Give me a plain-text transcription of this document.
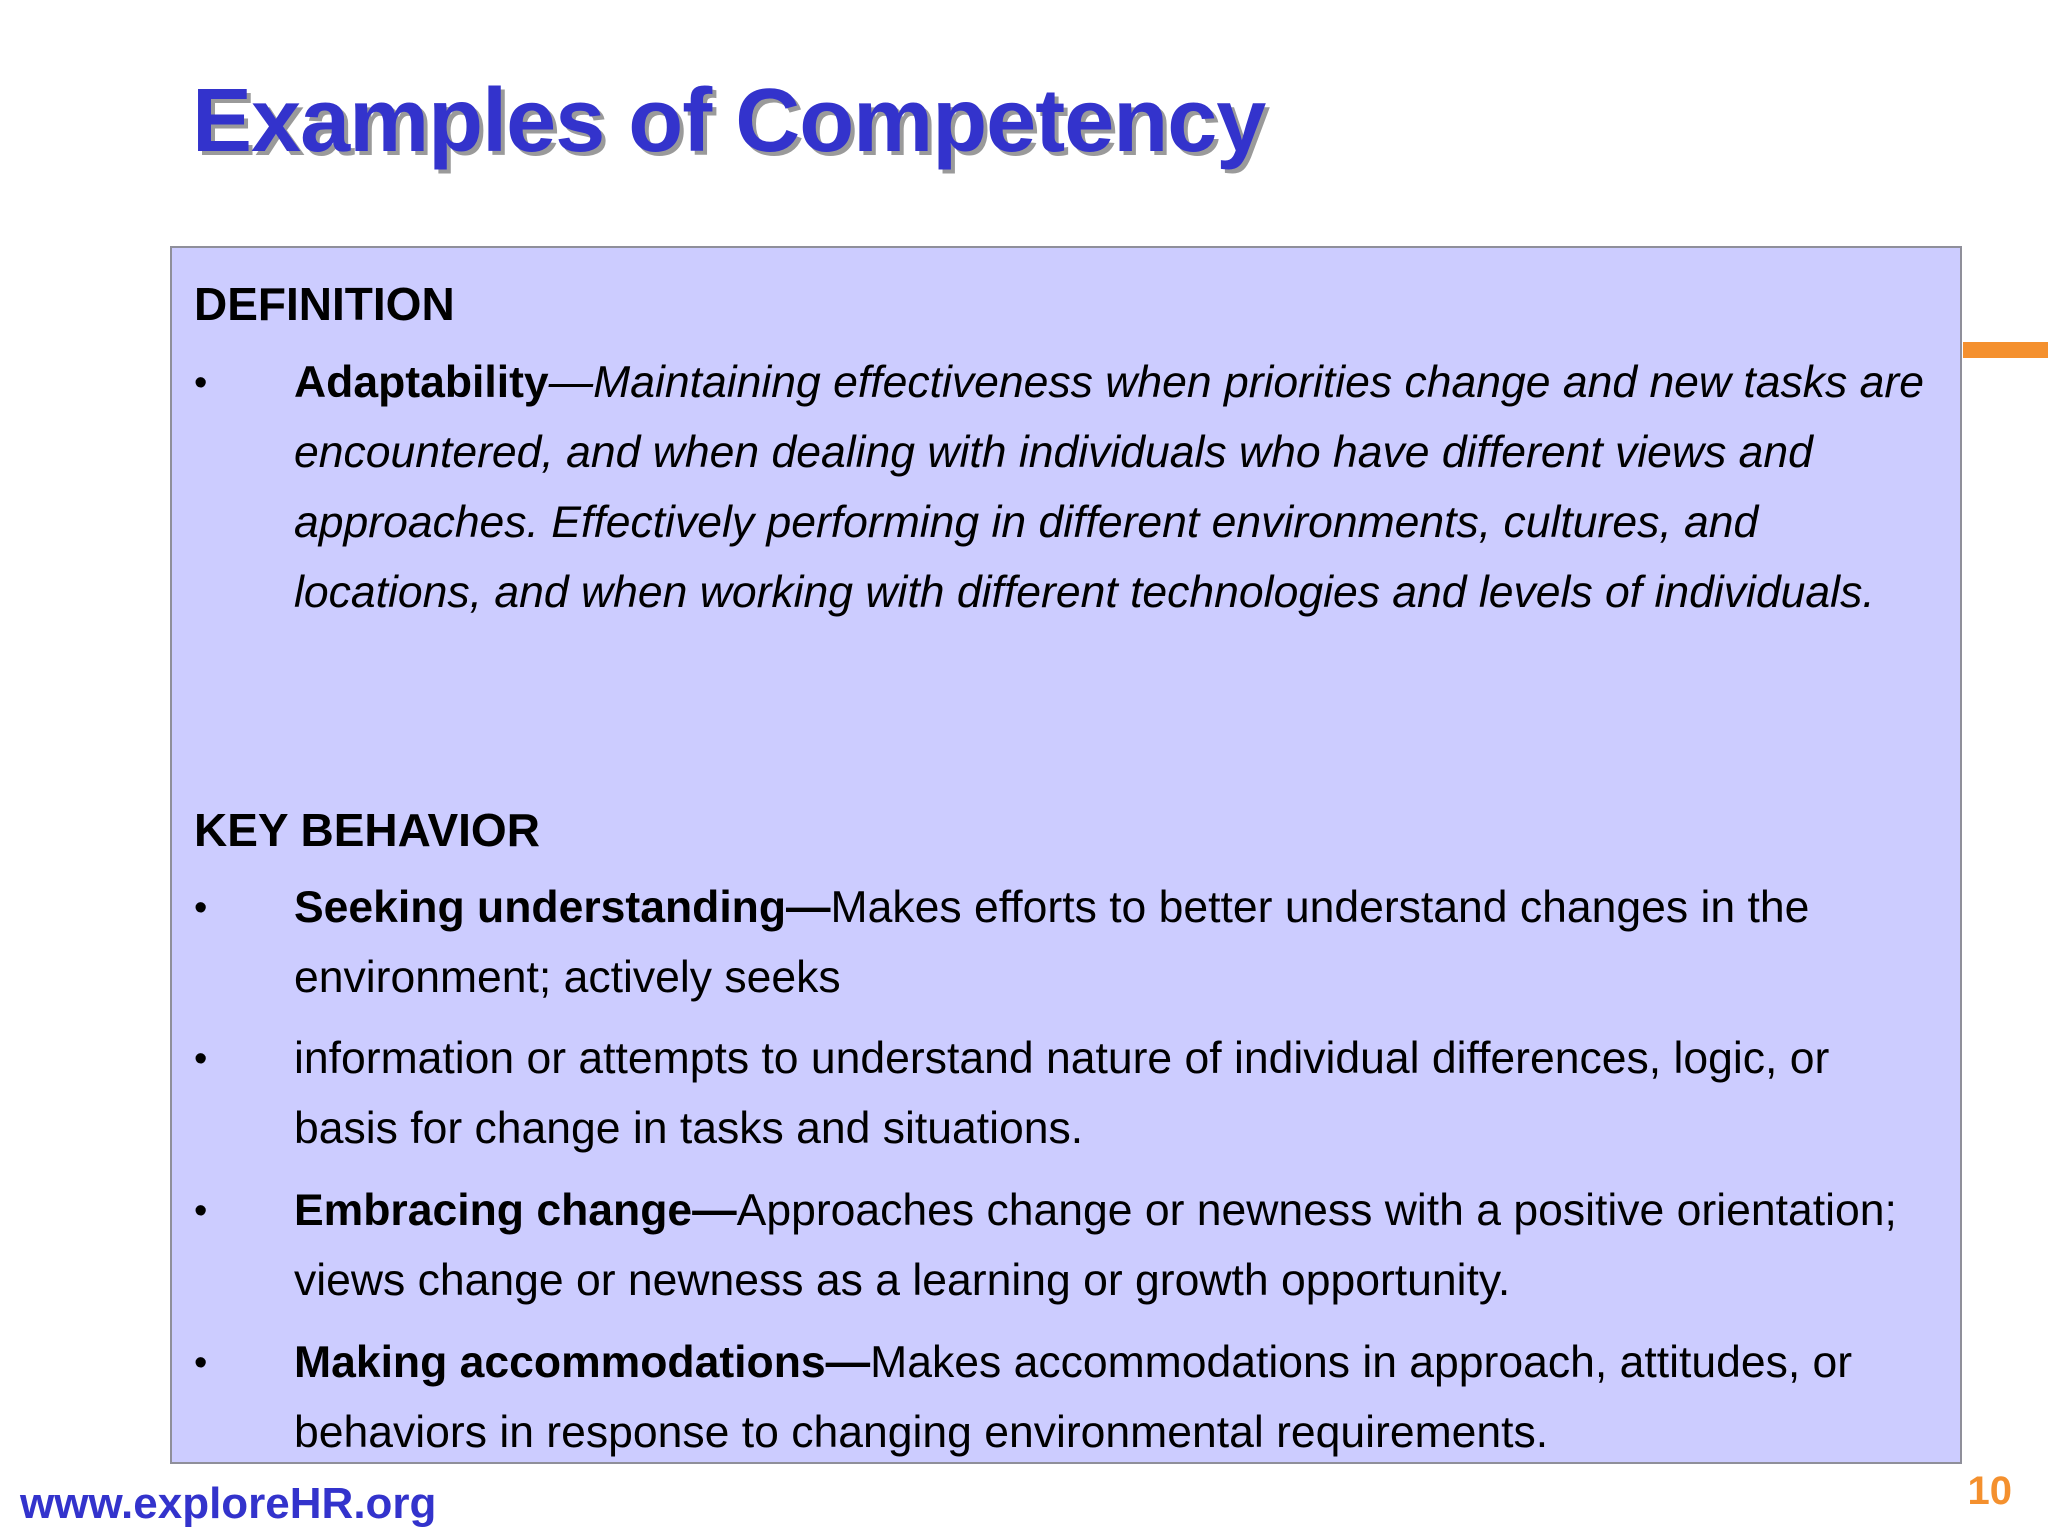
Examples of Competency
DEFINITION
• Adaptability—Maintaining effectiveness when priorities change and new tasks are encountered, and when dealing with individuals who have different views and approaches. Effectively performing in different environments, cultures, and locations, and when working with different technologies and levels of individuals.

KEY BEHAVIOR
• Seeking understanding—Makes efforts to better understand changes in the environment; actively seeks

• information or attempts to understand nature of individual differences, logic, or basis for change in tasks and situations.

• Embracing change—Approaches change or newness with a positive orientation; views change or newness as a learning or growth opportunity.

• Making accommodations—Makes accommodations in approach, attitudes, or behaviors in response to changing environmental requirements.

www.exploreHR.org	10
